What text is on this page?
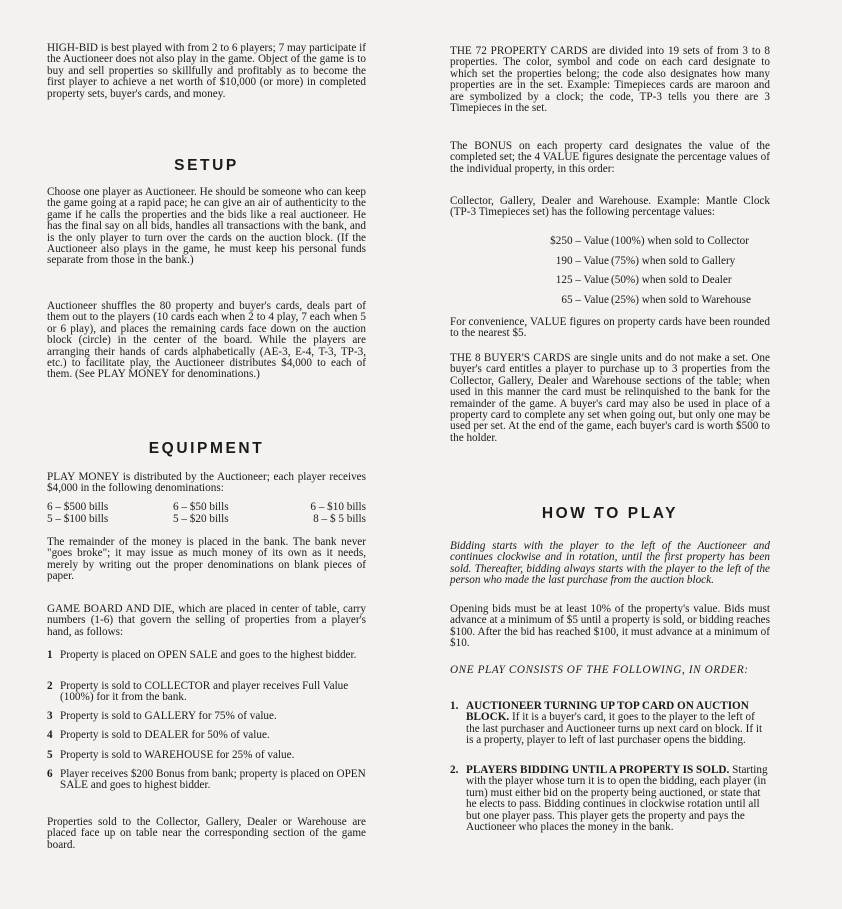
HIGH-BID is best played with from 2 to 6 players; 7 may participate if the Auctioneer does not also play in the game. Object of the game is to buy and sell properties so skillfully and profitably as to become the first player to achieve a net worth of $10,000 (or more) in completed property sets, buyer's cards, and money.

SETUP

Choose one player as Auctioneer. He should be someone who can keep the game going at a rapid pace; he can give an air of authenticity to the game if he calls the properties and the bids like a real auctioneer. He has the final say on all bids, handles all transactions with the bank, and is the only player to turn over the cards on the auction block. (If the Auctioneer also plays in the game, he must keep his personal funds separate from those in the bank.)

Auctioneer shuffles the 80 property and buyer's cards, deals part of them out to the players (10 cards each when 2 to 4 play, 7 each when 5 or 6 play), and places the remaining cards face down on the auction block (circle) in the center of the board. While the players are arranging their hands of cards alphabetically (AE-3, E-4, T-3, TP-3, etc.) to facilitate play, the Auctioneer distributes $4,000 to each of them. (See PLAY MONEY for denominations.)

EQUIPMENT

PLAY MONEY is distributed by the Auctioneer; each player receives $4,000 in the following denominations:

6 – $500 bills	6 – $50 bills	6 – $10 bills
5 – $100 bills	5 – $20 bills	8 – $ 5 bills

The remainder of the money is placed in the bank. The bank never "goes broke"; it may issue as much money of its own as it needs, merely by writing out the proper denominations on blank pieces of paper.

GAME BOARD AND DIE, which are placed in center of table, carry numbers (1-6) that govern the selling of properties from a player's hand, as follows:

1 Property is placed on OPEN SALE and goes to the highest bidder.
2 Property is sold to COLLECTOR and player receives Full Value (100%) for it from the bank.
3 Property is sold to GALLERY for 75% of value.
4 Property is sold to DEALER for 50% of value.
5 Property is sold to WAREHOUSE for 25% of value.
6 Player receives $200 Bonus from bank; property is placed on OPEN SALE and goes to highest bidder.

Properties sold to the Collector, Gallery, Dealer or Warehouse are placed face up on table near the corresponding section of the game board.

THE 72 PROPERTY CARDS are divided into 19 sets of from 3 to 8 properties. The color, symbol and code on each card designate to which set the properties belong; the code also designates how many properties are in the set. Example: Timepieces cards are maroon and are symbolized by a clock; the code, TP-3 tells you there are 3 Timepieces in the set.

The BONUS on each property card designates the value of the completed set; the 4 VALUE figures designate the percentage values of the individual property, in this order:

Collector, Gallery, Dealer and Warehouse. Example: Mantle Clock (TP-3 Timepieces set) has the following percentage values:

$250 – Value (100%) when sold to Collector
190 – Value (75%) when sold to Gallery
125 – Value (50%) when sold to Dealer
65 – Value (25%) when sold to Warehouse

For convenience, VALUE figures on property cards have been rounded to the nearest $5.

THE 8 BUYER'S CARDS are single units and do not make a set. One buyer's card entitles a player to purchase up to 3 properties from the Collector, Gallery, Dealer and Warehouse sections of the table; when used in this manner the card must be relinquished to the bank for the remainder of the game. A buyer's card may also be used in place of a property card to complete any set when going out, but only one may be used per set. At the end of the game, each buyer's card is worth $500 to the holder.

HOW TO PLAY

Bidding starts with the player to the left of the Auctioneer and continues clockwise and in rotation, until the first property has been sold. Thereafter, bidding always starts with the player to the left of the person who made the last purchase from the auction block.

Opening bids must be at least 10% of the property's value. Bids must advance at a minimum of $5 until a property is sold, or bidding reaches $100. After the bid has reached $100, it must advance at a minimum of $10.

ONE PLAY CONSISTS OF THE FOLLOWING, IN ORDER:

1. AUCTIONEER TURNING UP TOP CARD ON AUCTION BLOCK. If it is a buyer's card, it goes to the player to the left of the last purchaser and Auctioneer turns up next card on block. If it is a property, player to left of last purchaser opens the bidding.
2. PLAYERS BIDDING UNTIL A PROPERTY IS SOLD. Starting with the player whose turn it is to open the bidding, each player (in turn) must either bid on the property being auctioned, or state that he elects to pass. Bidding continues in clockwise rotation until all but one player pass. This player gets the property and pays the Auctioneer who places the money in the bank.
